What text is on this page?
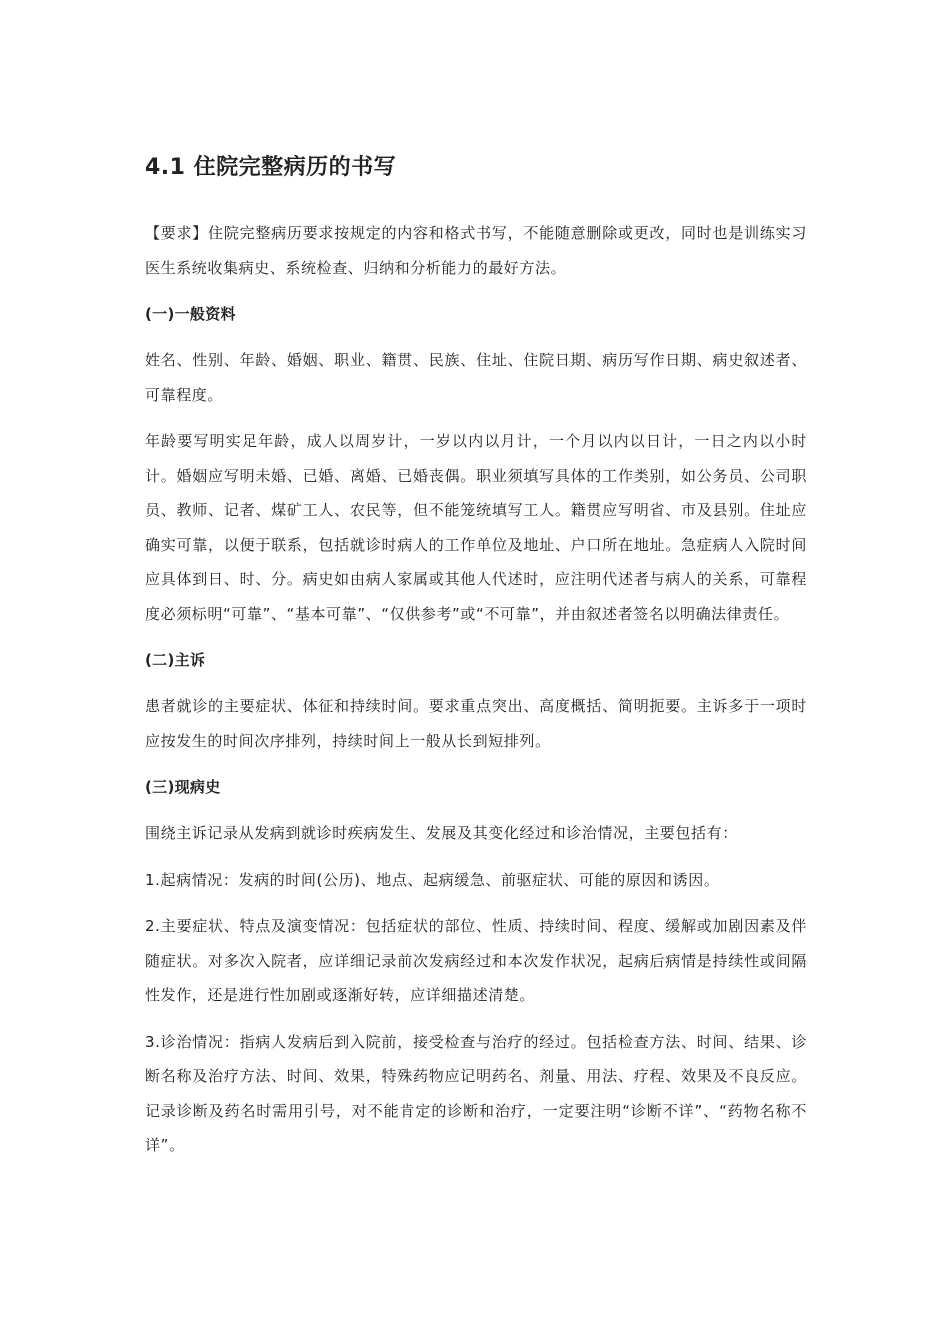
4.1 住院完整病历的书写

【要求】住院完整病历要求按规定的内容和格式书写，不能随意删除或更改，同时也是训练实习医生系统收集病史、系统检查、归纳和分析能力的最好方法。

(一)一般资料

姓名、性别、年龄、婚姻、职业、籍贯、民族、住址、住院日期、病历写作日期、病史叙述者、可靠程度。

年龄要写明实足年龄，成人以周岁计，一岁以内以月计，一个月以内以日计，一日之内以小时计。婚姻应写明未婚、已婚、离婚、已婚丧偶。职业须填写具体的工作类别，如公务员、公司职员、教师、记者、煤矿工人、农民等，但不能笼统填写工人。籍贯应写明省、市及县别。住址应确实可靠，以便于联系，包括就诊时病人的工作单位及地址、户口所在地址。急症病人入院时间应具体到日、时、分。病史如由病人家属或其他人代述时，应注明代述者与病人的关系，可靠程度必须标明“可靠”、“基本可靠”、“仅供参考”或“不可靠”，并由叙述者签名以明确法律责任。

(二)主诉

患者就诊的主要症状、体征和持续时间。要求重点突出、高度概括、简明扼要。主诉多于一项时应按发生的时间次序排列，持续时间上一般从长到短排列。

(三)现病史

围绕主诉记录从发病到就诊时疾病发生、发展及其变化经过和诊治情况，主要包括有：

1.起病情况：发病的时间(公历)、地点、起病缓急、前驱症状、可能的原因和诱因。

2.主要症状、特点及演变情况：包括症状的部位、性质、持续时间、程度、缓解或加剧因素及伴随症状。对多次入院者，应详细记录前次发病经过和本次发作状况，起病后病情是持续性或间隔性发作，还是进行性加剧或逐渐好转，应详细描述清楚。

3.诊治情况：指病人发病后到入院前，接受检查与治疗的经过。包括检查方法、时间、结果、诊断名称及治疗方法、时间、效果，特殊药物应记明药名、剂量、用法、疗程、效果及不良反应。记录诊断及药名时需用引号，对不能肯定的诊断和治疗，一定要注明“诊断不详”、“药物名称不详”。
